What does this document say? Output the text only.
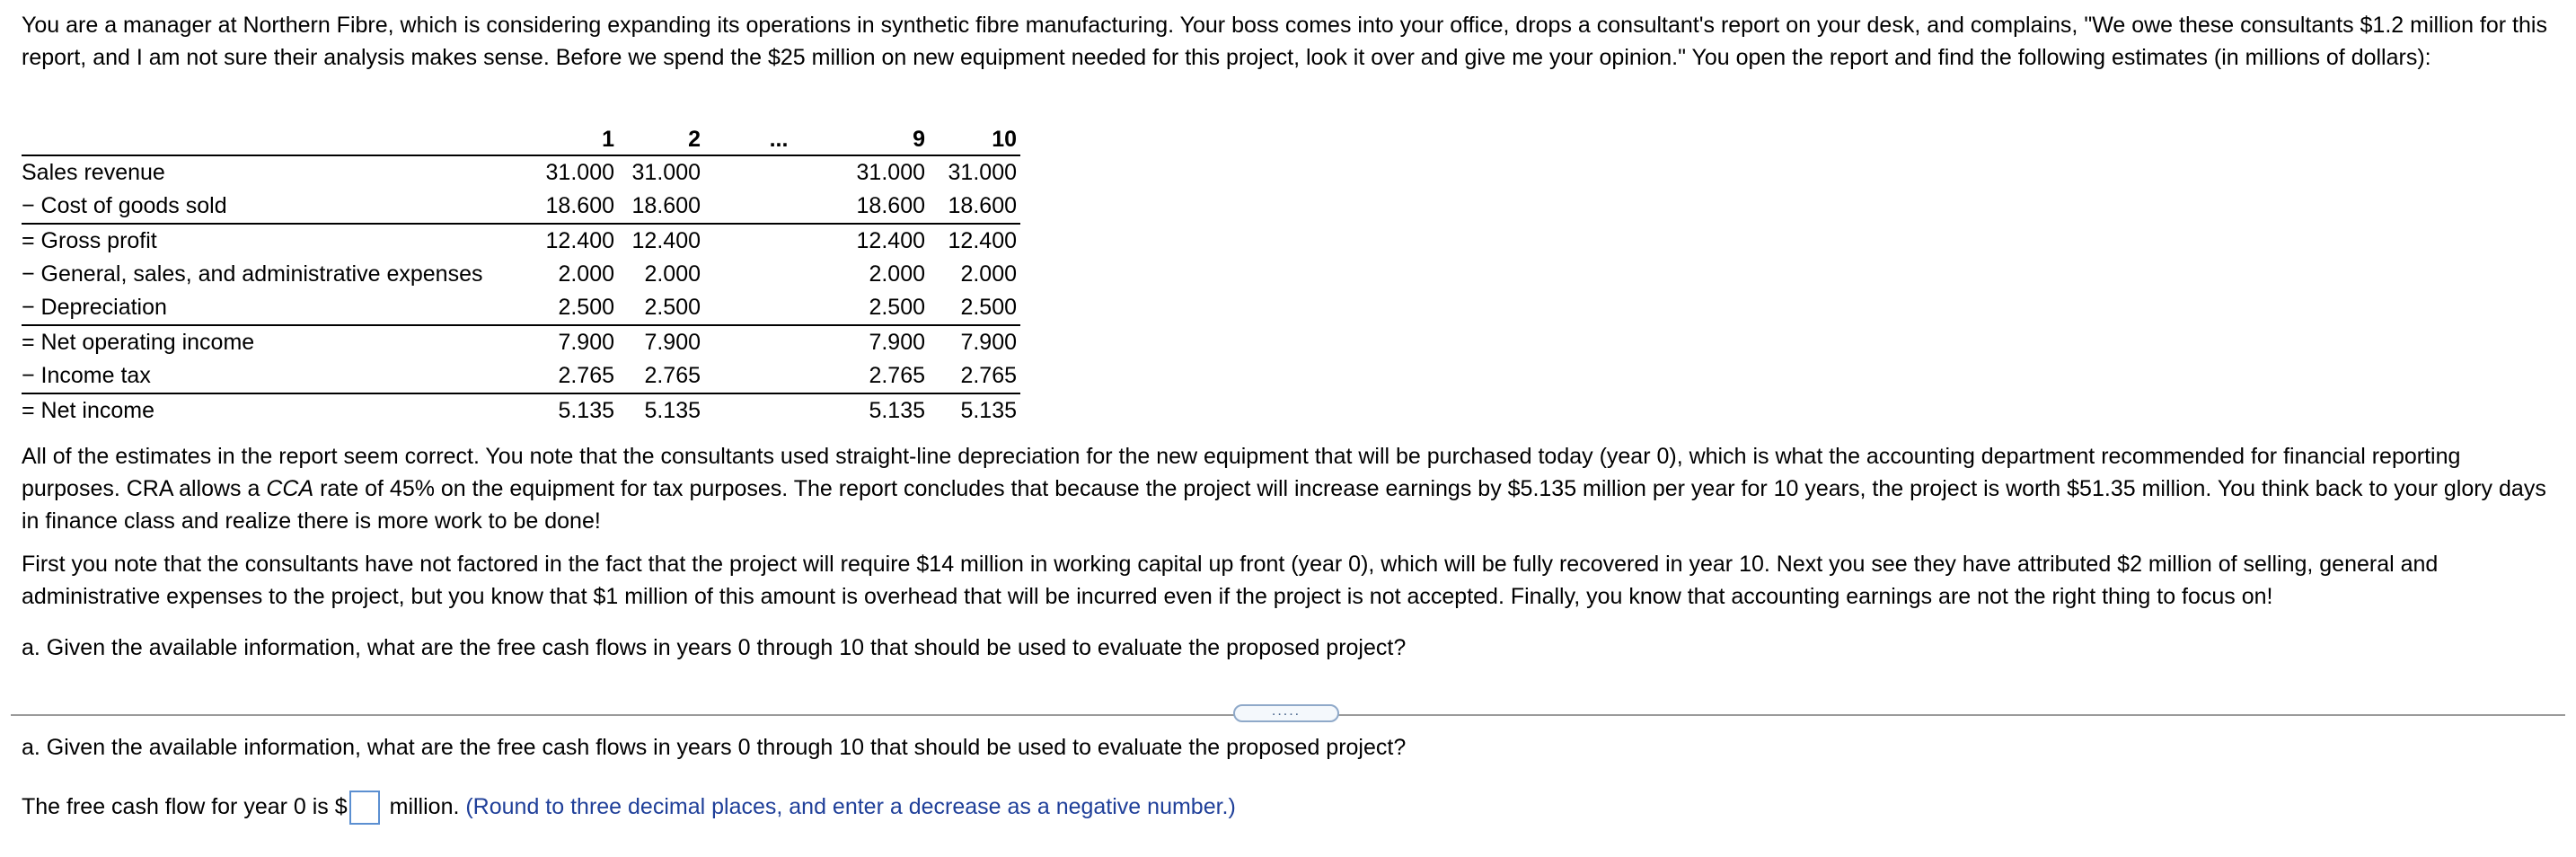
You are a manager at Northern Fibre, which is considering expanding its operations in synthetic fibre manufacturing. Your boss comes into your office, drops a consultant's report on your desk, and complains, "We owe these consultants $1.2 million for this report, and I am not sure their analysis makes sense. Before we spend the $25 million on new equipment needed for this project, look it over and give me your opinion." You open the report and find the following estimates (in millions of dollars):
	1	2	...	9	10
Sales revenue	31.000	31.000		31.000	31.000
− Cost of goods sold	18.600	18.600		18.600	18.600
= Gross profit	12.400	12.400		12.400	12.400
− General, sales, and administrative expenses	2.000	2.000		2.000	2.000
− Depreciation	2.500	2.500		2.500	2.500
= Net operating income	7.900	7.900		7.900	7.900
− Income tax	2.765	2.765		2.765	2.765
= Net income	5.135	5.135		5.135	5.135
All of the estimates in the report seem correct. You note that the consultants used straight-line depreciation for the new equipment that will be purchased today (year 0), which is what the accounting department recommended for financial reporting purposes. CRA allows a CCA rate of 45% on the equipment for tax purposes. The report concludes that because the project will increase earnings by $5.135 million per year for 10 years, the project is worth $51.35 million. You think back to your glory days in finance class and realize there is more work to be done!
First you note that the consultants have not factored in the fact that the project will require $14 million in working capital up front (year 0), which will be fully recovered in year 10. Next you see they have attributed $2 million of selling, general and administrative expenses to the project, but you know that $1 million of this amount is overhead that will be incurred even if the project is not accepted. Finally, you know that accounting earnings are not the right thing to focus on!
a. Given the available information, what are the free cash flows in years 0 through 10 that should be used to evaluate the proposed project?
.....
a. Given the available information, what are the free cash flows in years 0 through 10 that should be used to evaluate the proposed project?
The free cash flow for year 0 is $ million. (Round to three decimal places, and enter a decrease as a negative number.)
